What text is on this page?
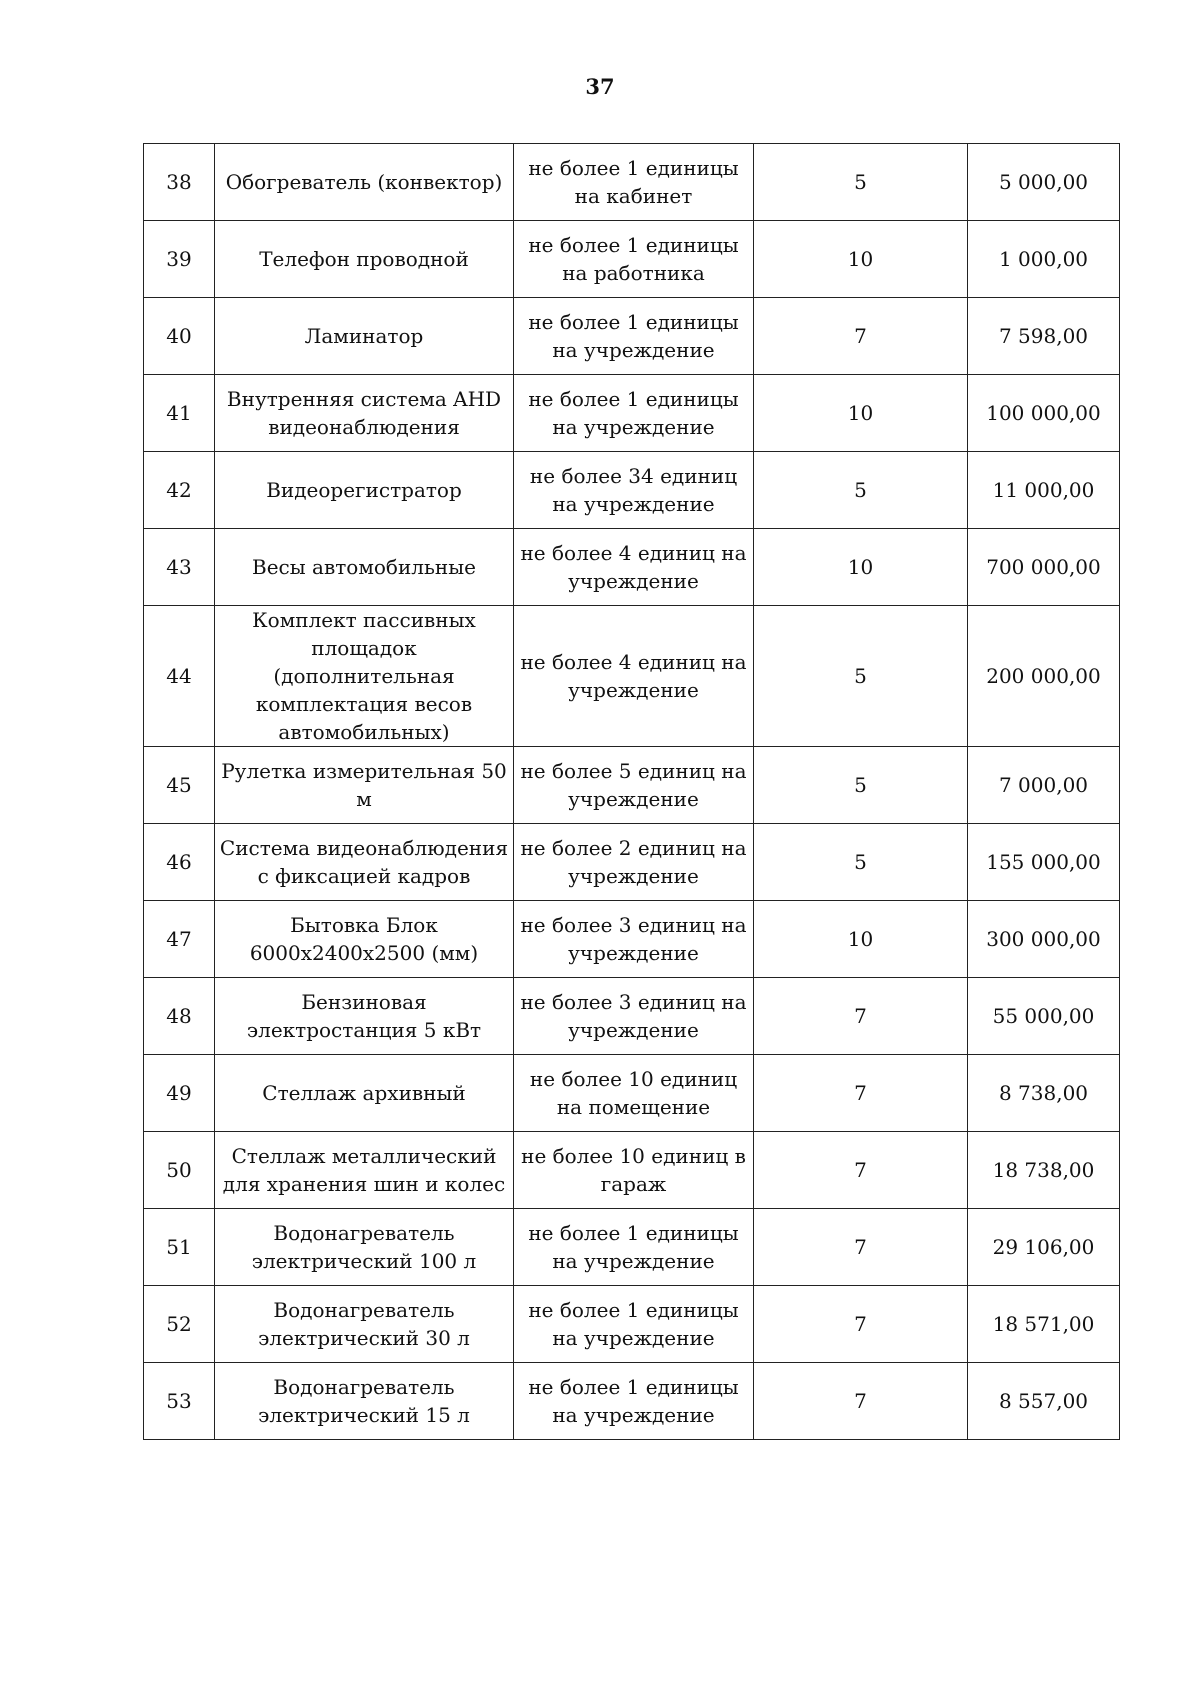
37
38	Обогреватель (конвектор)	не более 1 единицы на кабинет	5	5 000,00
39	Телефон проводной	не более 1 единицы на работника	10	1 000,00
40	Ламинатор	не более 1 единицы на учреждение	7	7 598,00
41	Внутренняя система AHD видеонаблюдения	не более 1 единицы на учреждение	10	100 000,00
42	Видеорегистратор	не более 34 единиц на учреждение	5	11 000,00
43	Весы автомобильные	не более 4 единиц на учреждение	10	700 000,00
44	Комплект пассивных площадок (дополнительная комплектация весов автомобильных)	не более 4 единиц на учреждение	5	200 000,00
45	Рулетка измерительная 50 м	не более 5 единиц на учреждение	5	7 000,00
46	Система видеонаблюдения с фиксацией кадров	не более 2 единиц на учреждение	5	155 000,00
47	Бытовка Блок 6000х2400х2500 (мм)	не более 3 единиц на учреждение	10	300 000,00
48	Бензиновая электростанция 5 кВт	не более 3 единиц на учреждение	7	55 000,00
49	Стеллаж архивный	не более 10 единиц на помещение	7	8 738,00
50	Стеллаж металлический для хранения шин и колес	не более 10 единиц в гараж	7	18 738,00
51	Водонагреватель электрический 100 л	не более 1 единицы на учреждение	7	29 106,00
52	Водонагреватель электрический 30 л	не более 1 единицы на учреждение	7	18 571,00
53	Водонагреватель электрический 15 л	не более 1 единицы на учреждение	7	8 557,00
